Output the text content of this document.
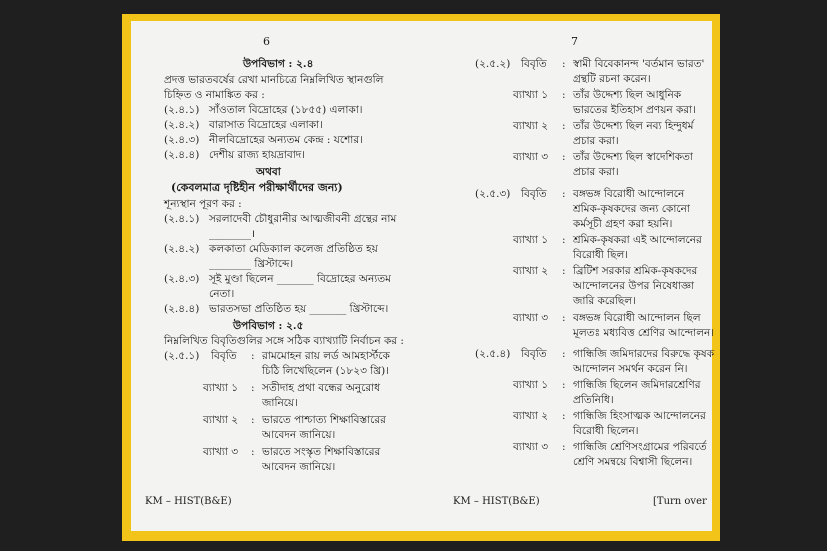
6
উপবিভাগ : ২.৪
প্রদত্ত ভারতবর্ষের রেখা মানচিত্রে নিম্নলিখিত স্থানগুলি
চিহ্নিত ও নামাঙ্কিত কর :
(২.৪.১) সাঁওতাল বিদ্রোহের (১৮৫৫) এলাকা।
(২.৪.২) বারাসাত বিদ্রোহের এলাকা।
(২.৪.৩) নীলবিদ্রোহের অন্যতম কেন্দ্র : যশোর।
(২.৪.৪) দেশীয় রাজ্য হায়দ্রাবাদ।
অথবা
(কেবলমাত্র দৃষ্টিহীন পরীক্ষার্থীদের জন্য)
শূন্যস্থান পূরণ কর :
(২.৪.১) সরলাদেবী চৌধুরানীর আত্মজীবনী গ্রন্থের নাম
________।
(২.৪.২) কলকাতা মেডিক্যাল কলেজ প্রতিষ্ঠিত হয়
________ খ্রিস্টাব্দে।
(২.৪.৩) সূই মুণ্ডা ছিলেন _______ বিদ্রোহের অন্যতম
নেতা।
(২.৪.৪) ভারতসভা প্রতিষ্ঠিত হয় _______ খ্রিস্টাব্দে।
উপবিভাগ : ২.৫
নিম্নলিখিত বিবৃতিগুলির সঙ্গে সঠিক ব্যাখ্যাটি নির্বাচন কর :
(২.৫.১) বিবৃতি : রামমোহন রায় লর্ড আমহার্স্টকে
চিঠি লিখেছিলেন (১৮২৩ খ্রি)।
ব্যাখ্যা ১ : সতীদাহ প্রথা বন্ধের অনুরোধ
জানিয়ে।
ব্যাখ্যা ২ : ভারতে পাশ্চাত্য শিক্ষাবিস্তারের
আবেদন জানিয়ে।
ব্যাখ্যা ৩ : ভারতে সংস্কৃত শিক্ষাবিস্তারের
আবেদন জানিয়ে।
KM – HIST(B&E)
7
(২.৫.২) বিবৃতি : স্বামী বিবেকানন্দ 'বর্তমান ভারত'
গ্রন্থটি রচনা করেন।
ব্যাখ্যা ১ : তাঁর উদ্দেশ্য ছিল আধুনিক
ভারতের ইতিহাস প্রণয়ন করা।
ব্যাখ্যা ২ : তাঁর উদ্দেশ্য ছিল নব্য হিন্দুধর্ম
প্রচার করা।
ব্যাখ্যা ৩ : তাঁর উদ্দেশ্য ছিল স্বাদেশিকতা
প্রচার করা।
(২.৫.৩) বিবৃতি : বঙ্গভঙ্গ বিরোধী আন্দোলনে
শ্রমিক-কৃষকদের জন্য কোনো
কর্মসূচী গ্রহণ করা হয়নি।
ব্যাখ্যা ১ : শ্রমিক-কৃষকরা এই আন্দোলনের
বিরোধী ছিল।
ব্যাখ্যা ২ : ব্রিটিশ সরকার শ্রমিক-কৃষকদের
আন্দোলনের উপর নিষেধাজ্ঞা
জারি করেছিল।
ব্যাখ্যা ৩ : বঙ্গভঙ্গ বিরোধী আন্দোলন ছিল
মূলতঃ মধ্যবিত্ত শ্রেণির আন্দোলন।
(২.৫.৪) বিবৃতি : গান্ধিজি জমিদারদের বিরুদ্ধে কৃষক
আন্দোলন সমর্থন করেন নি।
ব্যাখ্যা ১ : গান্ধিজি ছিলেন জমিদারশ্রেণির
প্রতিনিধি।
ব্যাখ্যা ২ : গান্ধিজি হিংসাত্মক আন্দোলনের
বিরোধী ছিলেন।
ব্যাখ্যা ৩ : গান্ধিজি শ্রেণিসংগ্রামের পরিবর্তে
শ্রেণি সমন্বয়ে বিশ্বাসী ছিলেন।
KM – HIST(B&E)	[Turn over
